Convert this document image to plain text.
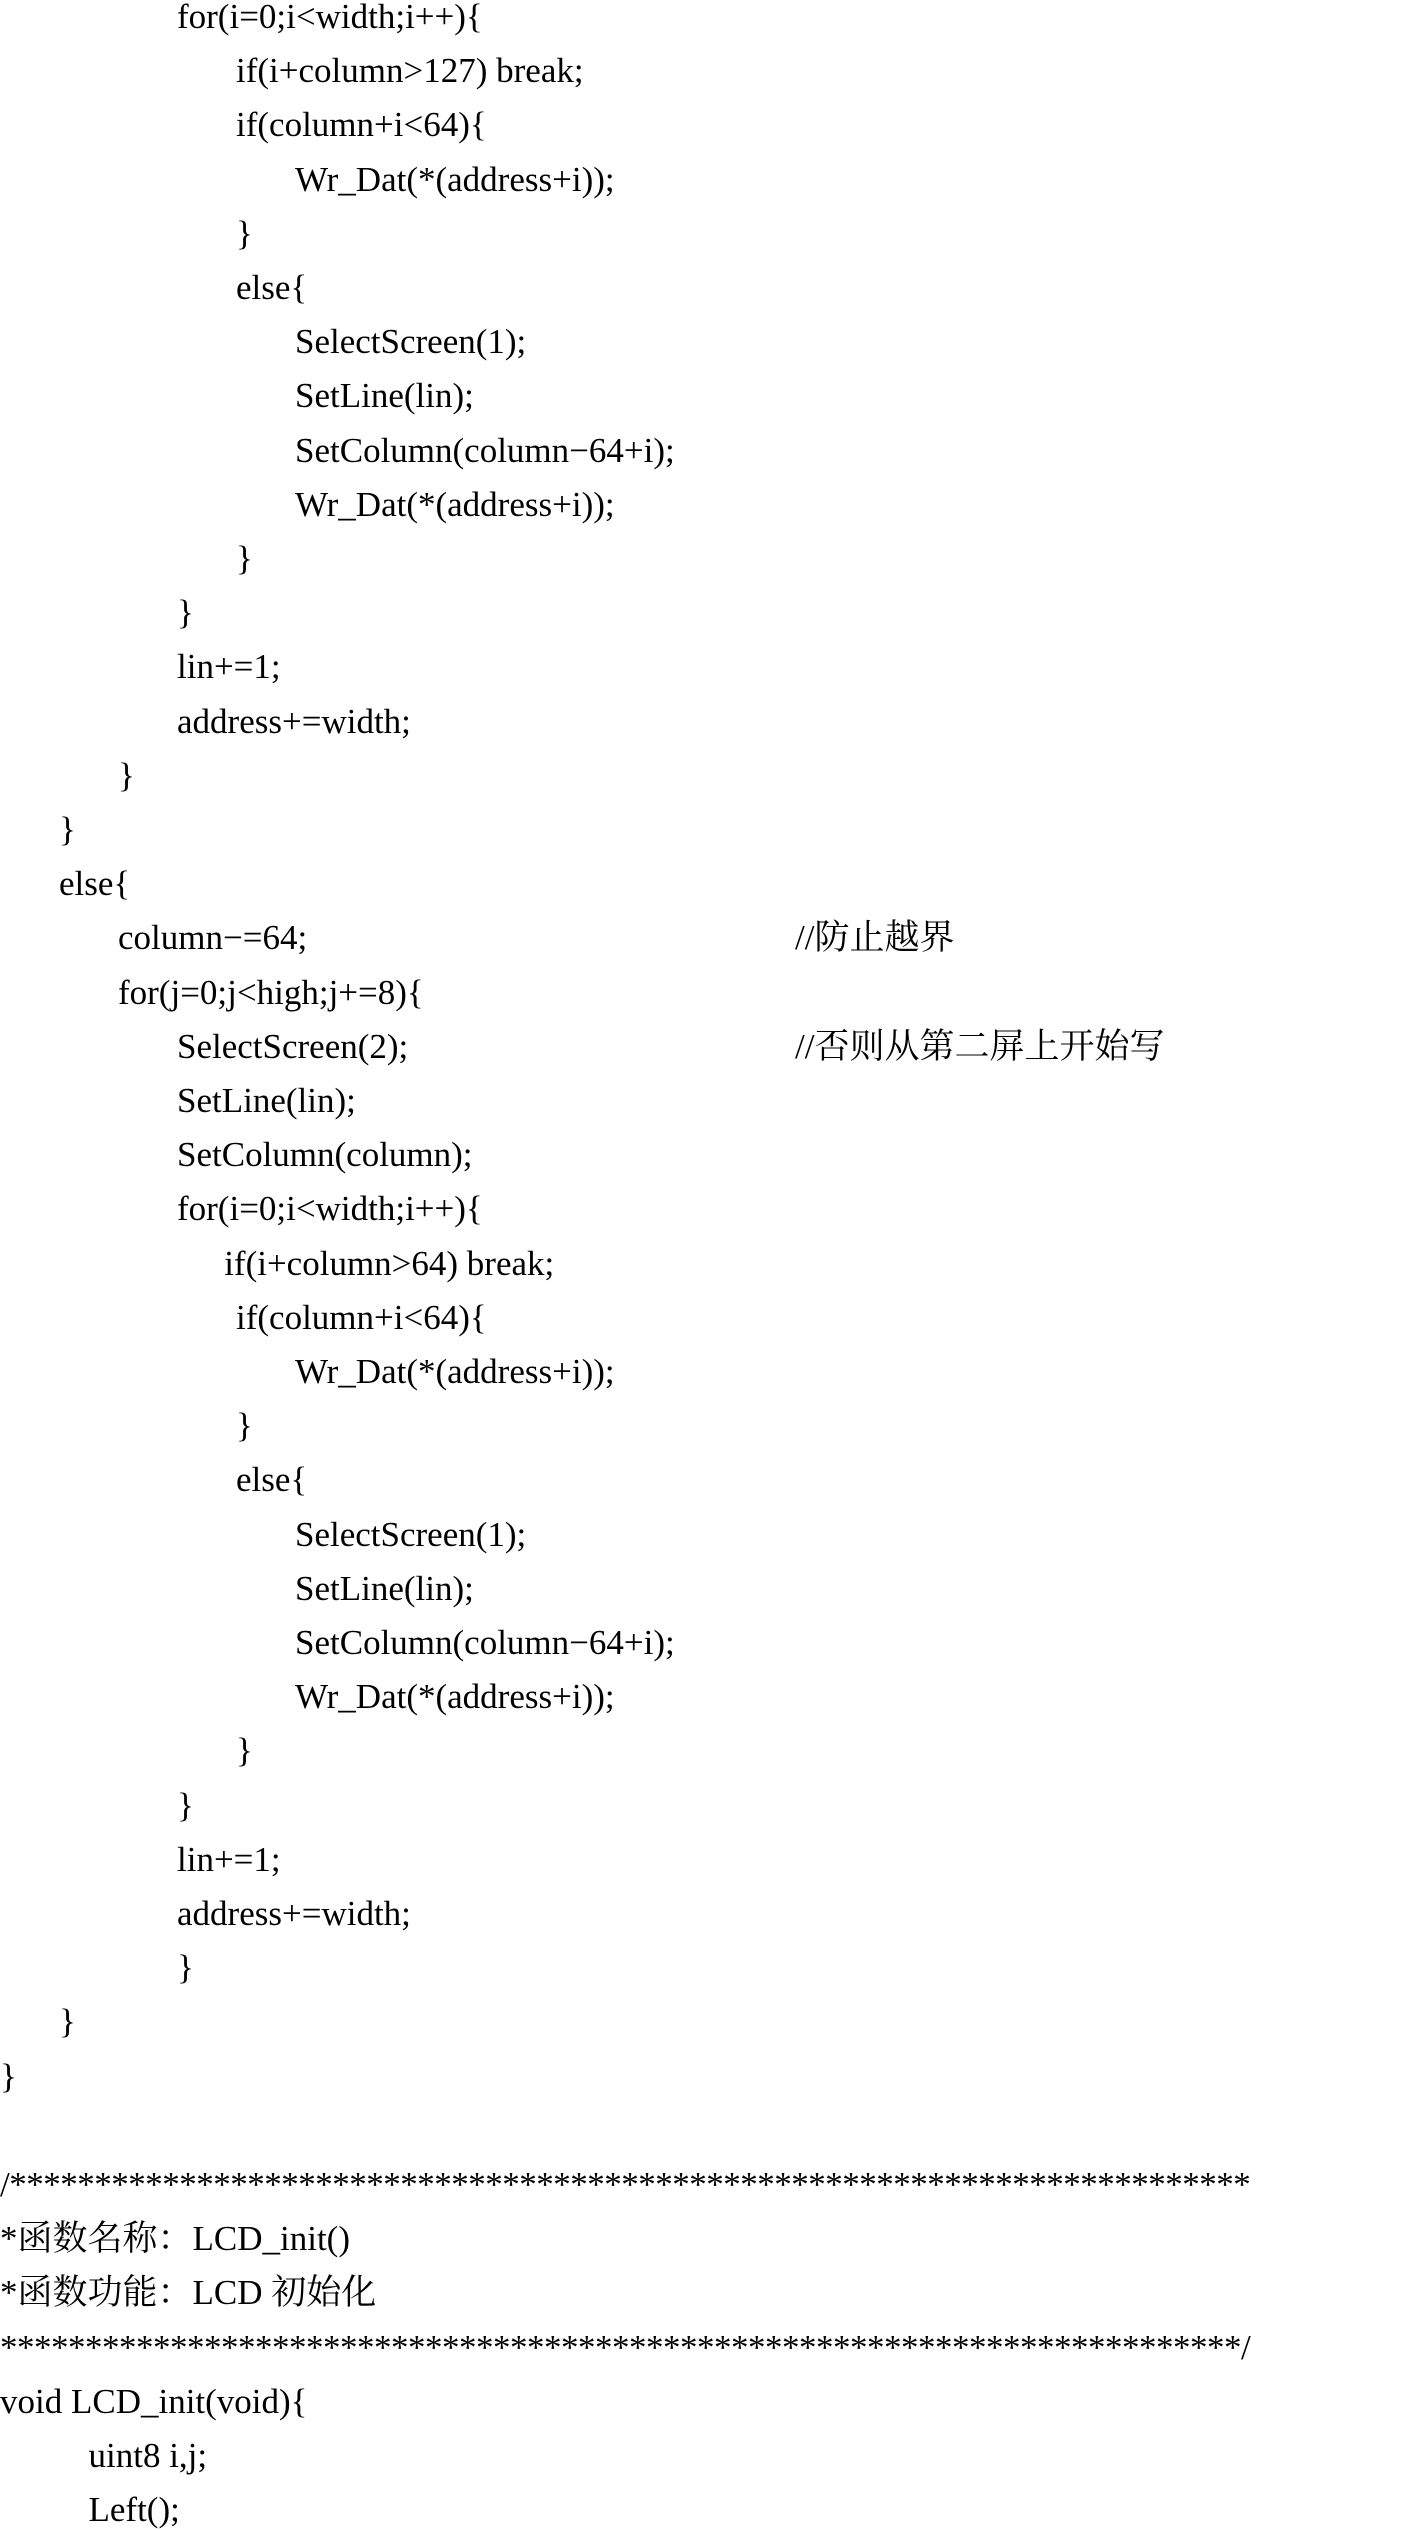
for(i=0;i<width;i++){
if(i+column>127) break;
if(column+i<64){
Wr_Dat(*(address+i));
}
else{
SelectScreen(1);
SetLine(lin);
SetColumn(column−64+i);
Wr_Dat(*(address+i));
}
}
lin+=1;
address+=width;
}
}
else{
column−=64;	//防止越界
for(j=0;j<high;j+=8){
SelectScreen(2);	//否则从第二屏上开始写
SetLine(lin);
SetColumn(column);
for(i=0;i<width;i++){
if(i+column>64) break;
if(column+i<64){
Wr_Dat(*(address+i));
}
else{
SelectScreen(1);
SetLine(lin);
SetColumn(column−64+i);
Wr_Dat(*(address+i));
}
}
lin+=1;
address+=width;
}
}
}
/*************************************************************************
*函数名称：LCD_init()
*函数功能：LCD 初始化
*************************************************************************/
void LCD_init(void){
uint8 i,j;
Left();
